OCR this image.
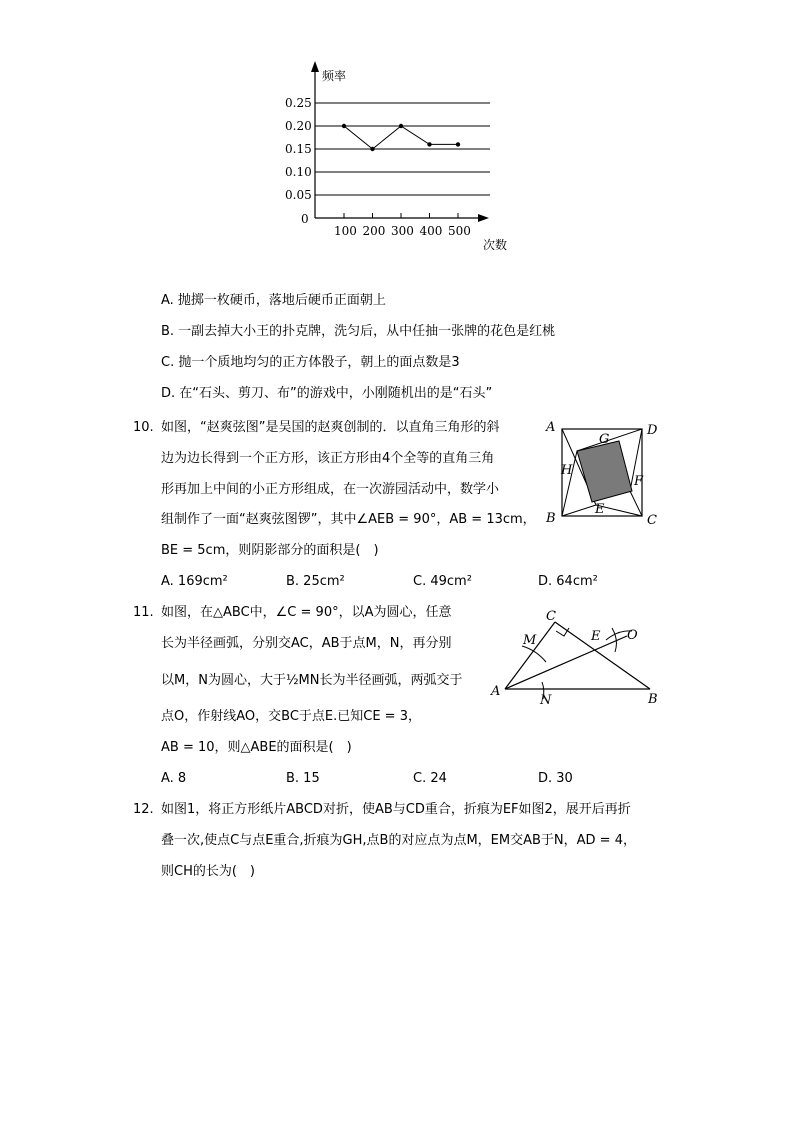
频率
次数
0.25
0.20
0.15
0.10
0.05
0
100 200 300 400 500
A. 抛掷一枚硬币，落地后硬币正面朝上
B. 一副去掉大小王的扑克牌，洗匀后，从中任抽一张牌的花色是红桃
C. 抛一个质地均匀的正方体骰子，朝上的面点数是3
D. 在“石头、剪刀、布”的游戏中，小刚随机出的是“石头”
10. 如图，“赵爽弦图”是吴国的赵爽创制的．以直角三角形的斜
边为边长得到一个正方形，该正方形由4个全等的直角三角
形再加上中间的小正方形组成，在一次游园活动中，数学小
组制作了一面“赵爽弦图锣”，其中∠AEB = 90°，AB = 13cm，
BE = 5cm，则阴影部分的面积是(　)
A. 169cm²	B. 25cm²	C. 49cm²	D. 64cm²
A	D
B	C
G
H
F
E
11. 如图，在△ABC中，∠C = 90°，以A为圆心，任意
长为半径画弧，分别交AC，AB于点M，N，再分别
以M，N为圆心，大于½MN长为半径画弧，两弧交于
点O，作射线AO，交BC于点E.已知CE = 3，
AB = 10，则△ABE的面积是(　)
A. 8	B. 15	C. 24	D. 30
C
M	E O
A
N	B
12. 如图1，将正方形纸片ABCD对折，使AB与CD重合，折痕为EF如图2，展开后再折
叠一次,使点C与点E重合,折痕为GH,点B的对应点为点M，EM交AB于N，AD = 4，
则CH的长为(　)
